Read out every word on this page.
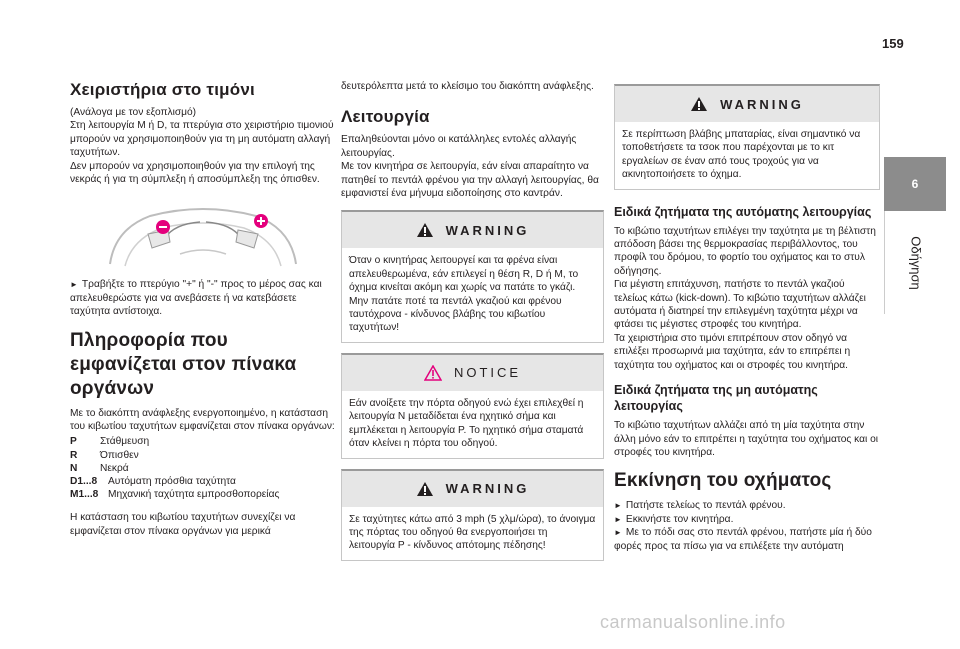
159
Χειριστήρια στο τιμόνι

(Ανάλογα με τον εξοπλισμό)
Στη λειτουργία M ή D, τα πτερύγια στο χειριστήριο τιμονιού μπορούν να χρησιμοποιηθούν για τη μη αυτόματη αλλαγή ταχυτήτων.
Δεν μπορούν να χρησιμοποιηθούν για την επιλογή της νεκράς ή για τη σύμπλεξη ή αποσύμπλεξη της όπισθεν.

► Τραβήξτε το πτερύγιο "+" ή "-" προς το μέρος σας και απελευθερώστε για να ανεβάσετε ή να κατεβάσετε ταχύτητα αντίστοιχα.
Πληροφορία που εμφανίζεται στον πίνακα οργάνων

Με το διακόπτη ανάφλεξης ενεργοποιημένο, η κατάσταση του κιβωτίου ταχυτήτων εμφανίζεται στον πίνακα οργάνων:

P	Στάθμευση
R	Όπισθεν
N	Νεκρά
D1...8	Αυτόματη πρόσθια ταχύτητα
M1...8 Μηχανική ταχύτητα εμπροσθοπορείας

Η κατάσταση του κιβωτίου ταχυτήτων συνεχίζει να εμφανίζεται στον πίνακα οργάνων για μερικά

δευτερόλεπτα μετά το κλείσιμο του διακόπτη ανάφλεξης.

Λειτουργία

Επαληθεύονται μόνο οι κατάλληλες εντολές αλλαγής λειτουργίας.
Με τον κινητήρα σε λειτουργία, εάν είναι απαραίτητο να πατηθεί το πεντάλ φρένου για την αλλαγή λειτουργίας, θα εμφανιστεί ένα μήνυμα ειδοποίησης στο καντράν.

WARNING
Όταν ο κινητήρας λειτουργεί και τα φρένα είναι απελευθερωμένα, εάν επιλεγεί η θέση R, D ή M, το όχημα κινείται ακόμη και χωρίς να πατάτε το γκάζι.
Μην πατάτε ποτέ τα πεντάλ γκαζιού και φρένου ταυτόχρονα - κίνδυνος βλάβης του κιβωτίου ταχυτήτων!
NOTICE
Εάν ανοίξετε την πόρτα οδηγού ενώ έχει επιλεχθεί η λειτουργία N μεταδίδεται ένα ηχητικό σήμα και εμπλέκεται η λειτουργία P. Το ηχητικό σήμα σταματά όταν κλείνει η πόρτα του οδηγού.
WARNING
Σε ταχύτητες κάτω από 3 mph (5 χλμ/ώρα), το άνοιγμα της πόρτας του οδηγού θα ενεργοποιήσει τη λειτουργία P - κίνδυνος απότομης πέδησης!
WARNING
Σε περίπτωση βλάβης μπαταρίας, είναι σημαντικό να τοποθετήσετε τα τσοκ που παρέχονται με το κιτ εργαλείων σε έναν από τους τροχούς για να ακινητοποιήσετε το όχημα.
Ειδικά ζητήματα της αυτόματης λειτουργίας

Το κιβώτιο ταχυτήτων επιλέγει την ταχύτητα με τη βέλτιστη απόδοση βάσει της θερμοκρασίας περιβάλλοντος, του προφίλ του δρόμου, το φορτίο του οχήματος και το στυλ οδήγησης.
Για μέγιστη επιτάχυνση, πατήστε το πεντάλ γκαζιού τελείως κάτω (kick-down). Το κιβώτιο ταχυτήτων αλλάζει αυτόματα ή διατηρεί την επιλεγμένη ταχύτητα μέχρι να φτάσει τις μέγιστες στροφές του κινητήρα.
Τα χειριστήρια στο τιμόνι επιτρέπουν στον οδηγό να επιλέξει προσωρινά μια ταχύτητα, εάν το επιτρέπει η ταχύτητα του οχήματος και οι στροφές του κινητήρα.

Ειδικά ζητήματα της μη αυτόματης λειτουργίας

Το κιβώτιο ταχυτήτων αλλάζει από τη μία ταχύτητα στην άλλη μόνο εάν το επιτρέπει η ταχύτητα του οχήματος και οι στροφές του κινητήρα.

Εκκίνηση του οχήματος
► Πατήστε τελείως το πεντάλ φρένου.
► Εκκινήστε τον κινητήρα.
► Με το πόδι σας στο πεντάλ φρένου, πατήστε μία ή δύο φορές προς τα πίσω για να επιλέξετε την αυτόματη
6
Οδήγηση
carmanualsonline.info
